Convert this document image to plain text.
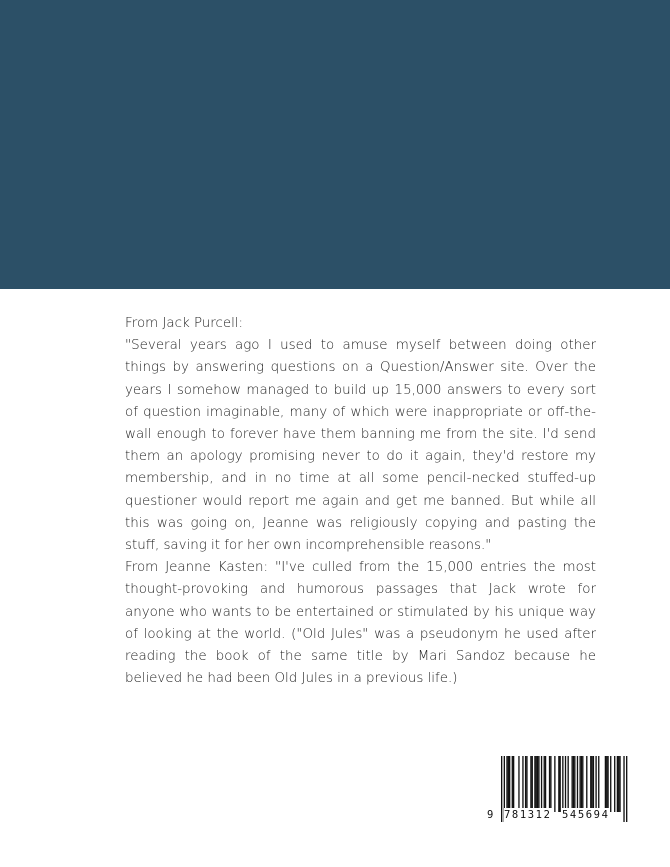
From Jack Purcell:

"Several years ago I used to amuse myself between doing other things by answering questions on a Question/Answer site. Over the years I somehow managed to build up 15,000 answers to every sort of question imaginable, many of which were inappropriate or off-the-wall enough to forever have them banning me from the site. I'd send them an apology promising never to do it again, they'd restore my membership, and in no time at all some pencil-necked stuffed-up questioner would report me again and get me banned. But while all this was going on, Jeanne was religiously copying and pasting the stuff, saving it for her own incomprehensible reasons."

From Jeanne Kasten: "I've culled from the 15,000 entries the most thought-provoking and humorous passages that Jack wrote for anyone who wants to be entertained or stimulated by his unique way of looking at the world. ("Old Jules" was a pseudonym he used after reading the book of the same title by Mari Sandoz because he believed he had been Old Jules in a previous life.)

9 781312 545694
